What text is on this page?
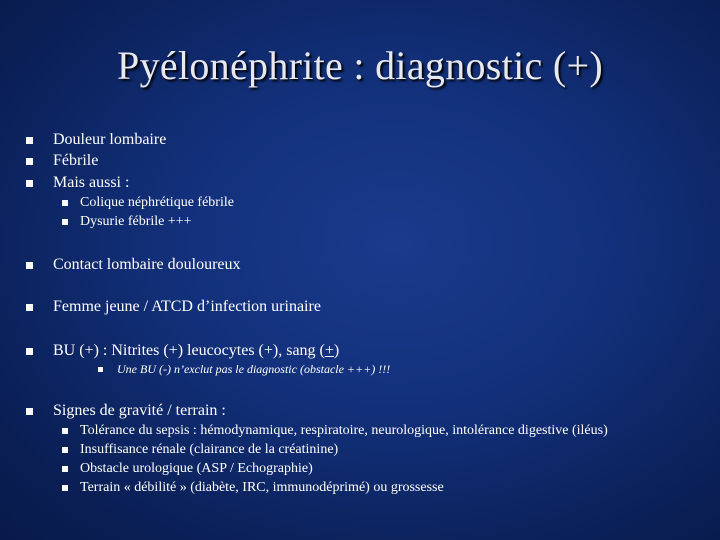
Pyélonéphrite : diagnostic (+)
Douleur lombaire
Fébrile
Mais aussi :
Colique néphrétique fébrile
Dysurie fébrile +++
Contact lombaire douloureux
Femme jeune / ATCD d’infection urinaire
BU (+) : Nitrites (+) leucocytes (+), sang (+)
Une BU (-) n’exclut pas le diagnostic (obstacle +++) !!!
Signes de gravité / terrain :
Tolérance du sepsis : hémodynamique, respiratoire, neurologique, intolérance digestive (iléus)
Insuffisance rénale (clairance de la créatinine)
Obstacle urologique (ASP / Echographie)
Terrain « débilité » (diabète, IRC, immunodéprimé) ou grossesse
